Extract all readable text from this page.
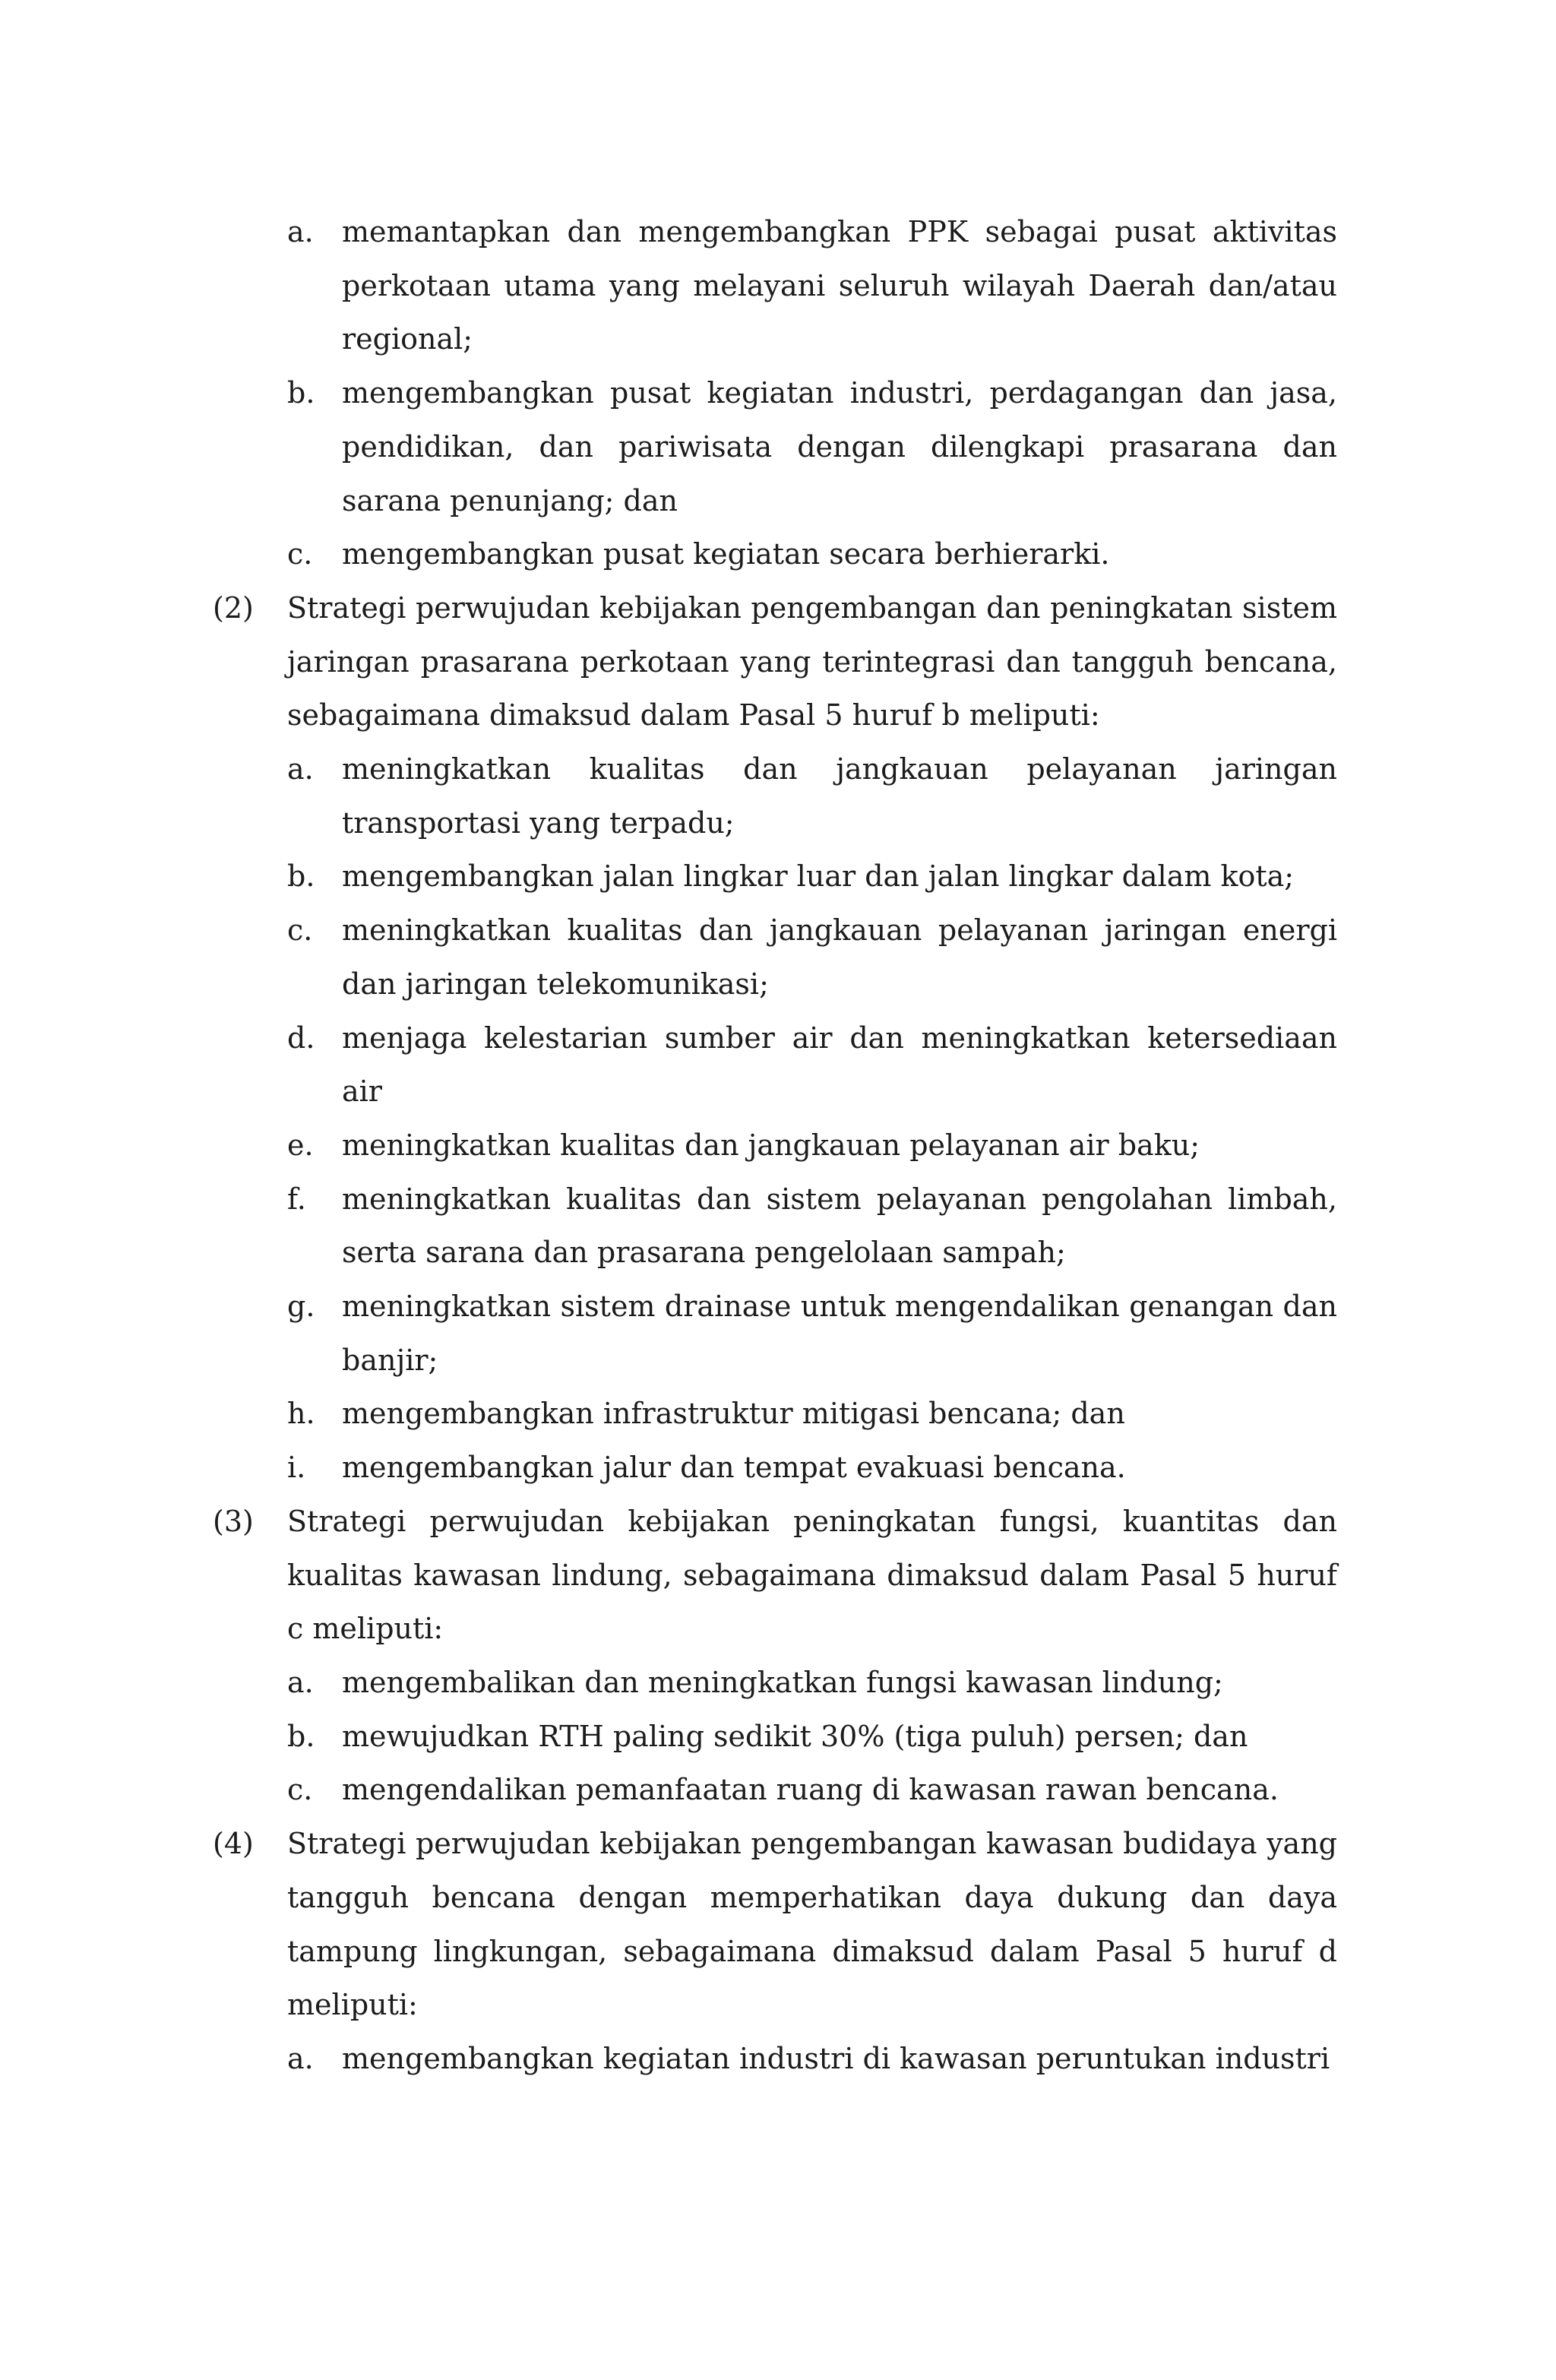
a. memantapkan dan mengembangkan PPK sebagai pusat aktivitas perkotaan utama yang melayani seluruh wilayah Daerah dan/atau regional;
b. mengembangkan pusat kegiatan industri, perdagangan dan jasa, pendidikan, dan pariwisata dengan dilengkapi prasarana dan sarana penunjang; dan
c.	mengembangkan pusat kegiatan secara berhierarki.
(2)	Strategi perwujudan kebijakan pengembangan dan peningkatan sistem jaringan prasarana perkotaan yang terintegrasi dan tangguh bencana, sebagaimana dimaksud dalam Pasal 5 huruf b meliputi:
a. meningkatkan kualitas dan jangkauan pelayanan jaringan transportasi yang terpadu;
b. mengembangkan jalan lingkar luar dan jalan lingkar dalam kota;
c.	meningkatkan kualitas dan jangkauan pelayanan jaringan energi dan jaringan telekomunikasi;
d. menjaga kelestarian sumber air dan meningkatkan ketersediaan air
e. meningkatkan kualitas dan jangkauan pelayanan air baku;
f.	meningkatkan kualitas dan sistem pelayanan pengolahan limbah, serta sarana dan prasarana pengelolaan sampah;
g. meningkatkan sistem drainase untuk mengendalikan genangan dan banjir;
h. mengembangkan infrastruktur mitigasi bencana; dan
i.	mengembangkan jalur dan tempat evakuasi bencana.
(3)	Strategi perwujudan kebijakan peningkatan fungsi, kuantitas dan kualitas kawasan lindung, sebagaimana dimaksud dalam Pasal 5 huruf c meliputi:
a. mengembalikan dan meningkatkan fungsi kawasan lindung;
b. mewujudkan RTH paling sedikit 30% (tiga puluh) persen; dan
c.	mengendalikan pemanfaatan ruang di kawasan rawan bencana.
(4)	Strategi perwujudan kebijakan pengembangan kawasan budidaya yang tangguh bencana dengan memperhatikan daya dukung dan daya tampung lingkungan, sebagaimana dimaksud dalam Pasal 5 huruf d meliputi:
a. mengembangkan kegiatan industri di kawasan peruntukan industri
